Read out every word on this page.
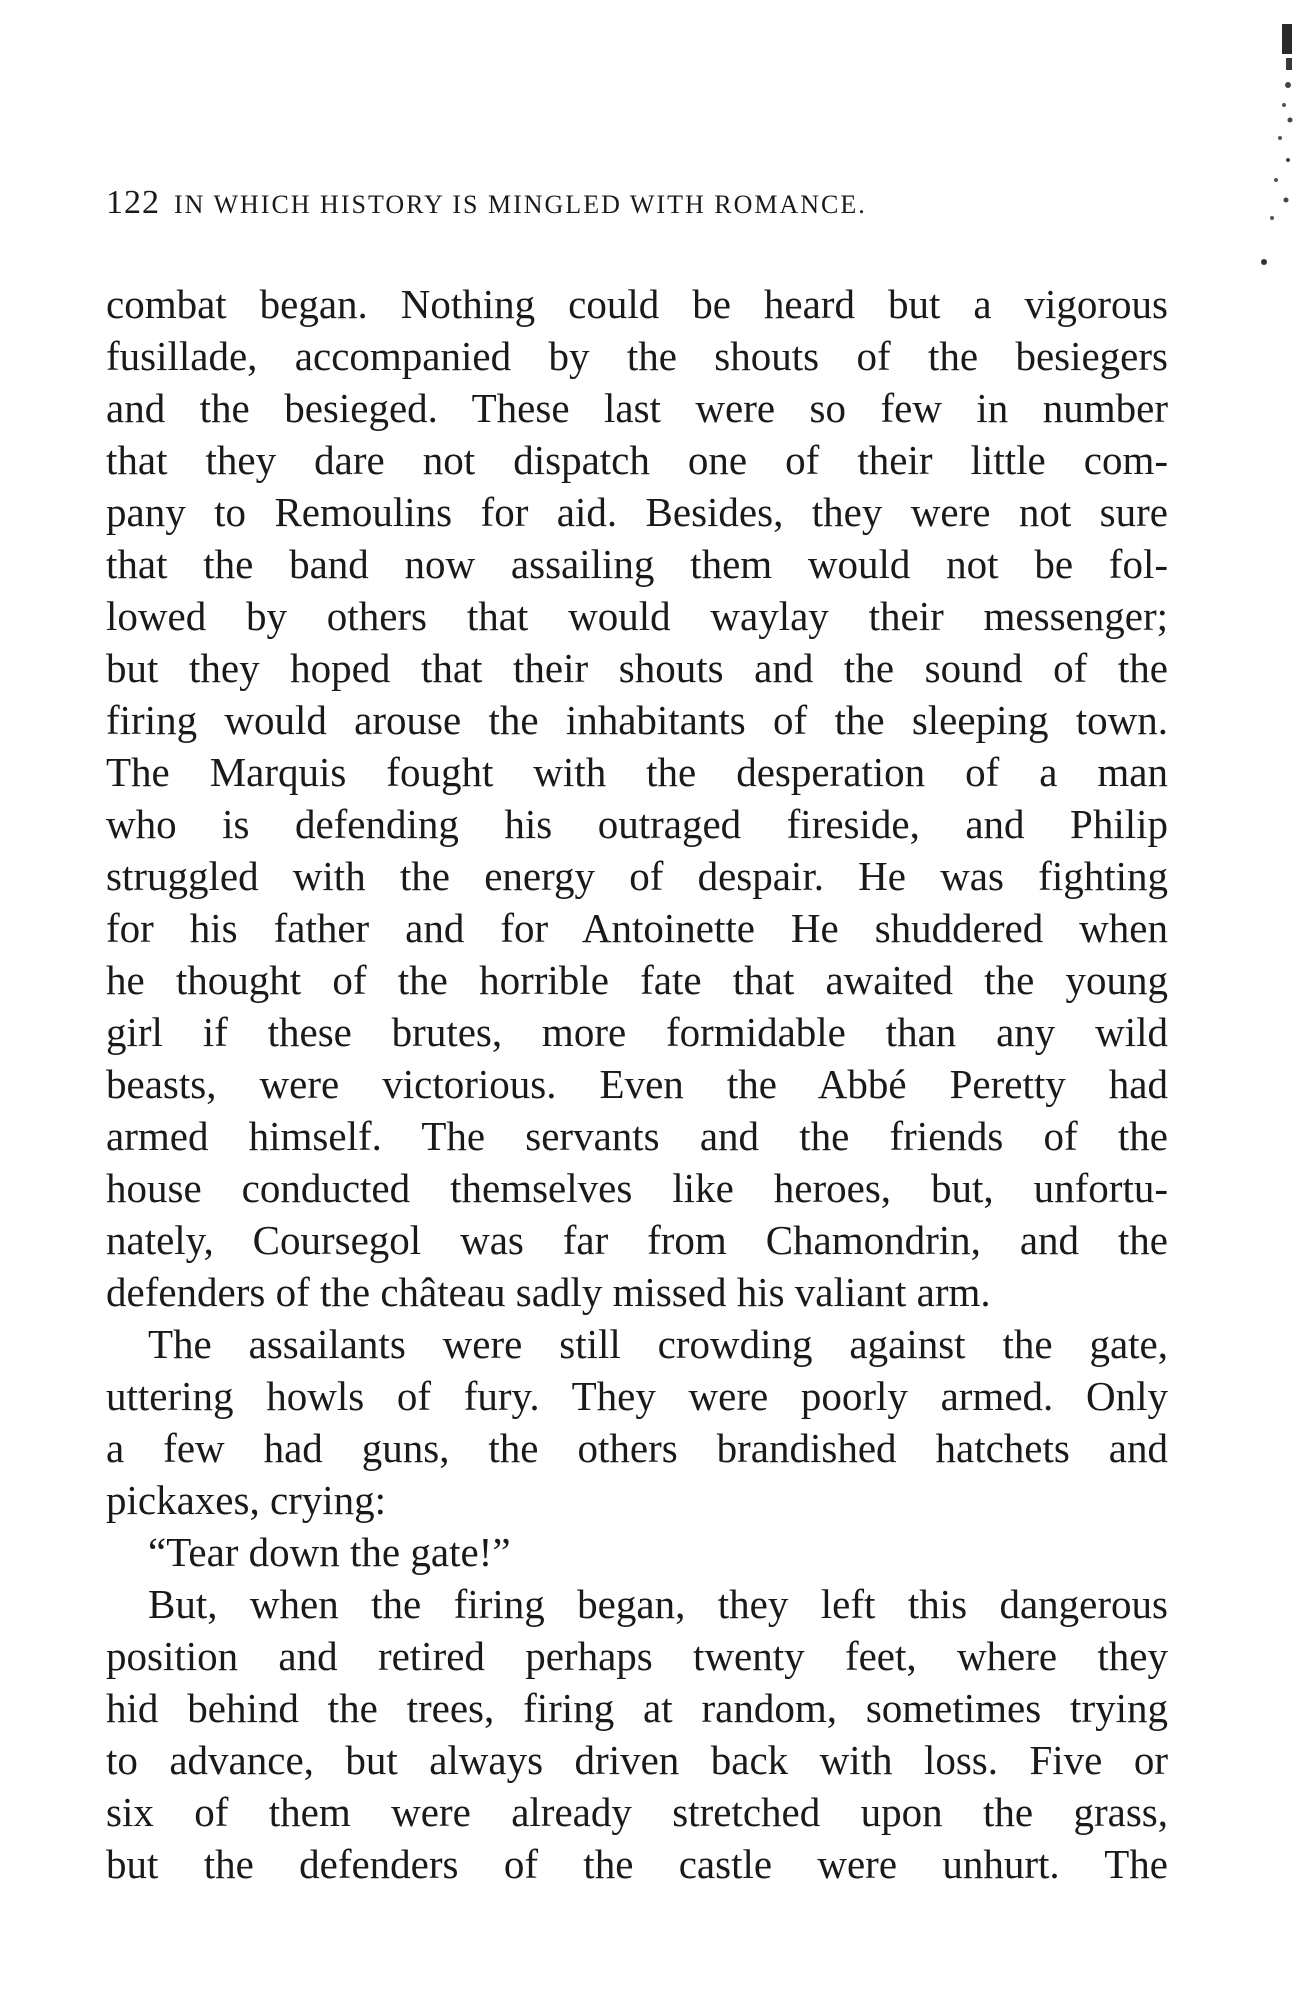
122 IN WHICH HISTORY IS MINGLED WITH ROMANCE.
combat began. Nothing could be heard but a vigorous
fusillade, accompanied by the shouts of the besiegers
and the besieged. These last were so few in number
that they dare not dispatch one of their little com-
pany to Remoulins for aid. Besides, they were not sure
that the band now assailing them would not be fol-
lowed by others that would waylay their messenger;
but they hoped that their shouts and the sound of the
firing would arouse the inhabitants of the sleeping town.
The Marquis fought with the desperation of a man
who is defending his outraged fireside, and Philip
struggled with the energy of despair. He was fighting
for his father and for Antoinette He shuddered when
he thought of the horrible fate that awaited the young
girl if these brutes, more formidable than any wild
beasts, were victorious. Even the Abbé Peretty had
armed himself. The servants and the friends of the
house conducted themselves like heroes, but, unfortu-
nately, Coursegol was far from Chamondrin, and the
defenders of the château sadly missed his valiant arm.
The assailants were still crowding against the gate,
uttering howls of fury. They were poorly armed. Only
a few had guns, the others brandished hatchets and
pickaxes, crying:
“Tear down the gate!”
But, when the firing began, they left this dangerous
position and retired perhaps twenty feet, where they
hid behind the trees, firing at random, sometimes trying
to advance, but always driven back with loss. Five or
six of them were already stretched upon the grass,
but the defenders of the castle were unhurt. The
